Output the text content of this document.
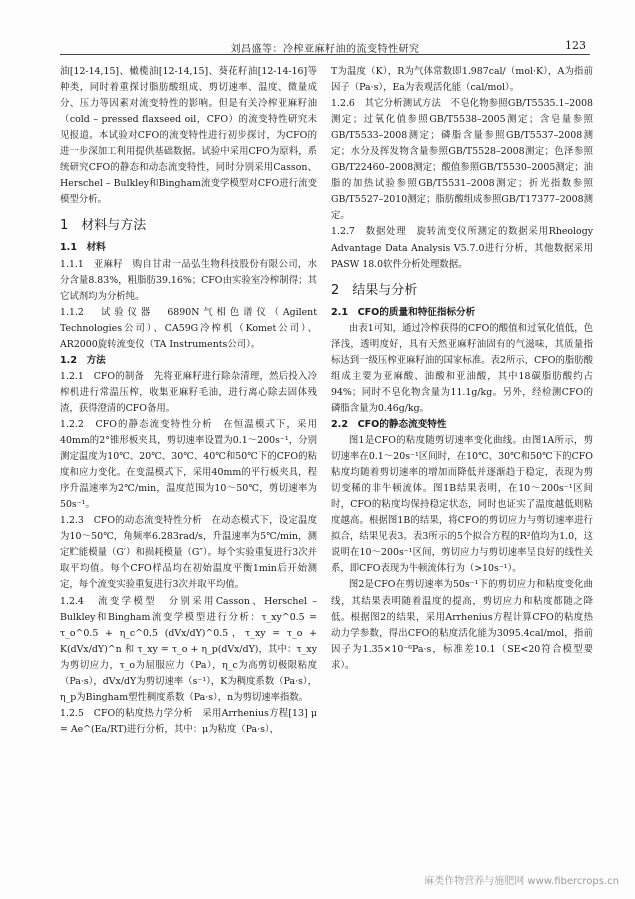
刘昌盛等：冷榨亚麻籽油的流变特性研究	123

油[12-14,15]、橄榄油[12-14,15]、葵花籽油[12-14-16]等种类，同时着重探讨脂肪酸组成、剪切速率、温度、微量成分、压力等因素对流变特性的影响。但是有关冷榨亚麻籽油（cold – pressed flaxseed oil，CFO）的流变特性研究未见报道。本试验对CFO的流变特性进行初步探讨，为CFO的进一步深加工利用提供基础数据。试验中采用CFO为原料，系统研究CFO的静态和动态流变特性，同时分别采用Casson、Herschel – Bulkley和Bingham流变学模型对CFO进行流变模型分析。

1　材料与方法
1.1　材料

1.1.1　亚麻籽　购自甘肃一品弘生物科技股份有限公司，水分含量8.83%，粗脂肪39.16%；CFO由实验室冷榨制得；其它试剂均为分析纯。

1.1.2　试验仪器　6890N气相色谱仪（Agilent Technologies公司）、CA59G冷榨机（Komet公司）、AR2000旋转流变仪（TA Instruments公司）。

1.2　方法

1.2.1　CFO的制备　先将亚麻籽进行除杂清理，然后投入冷榨机进行常温压榨，收集亚麻籽毛油，进行离心除去固体残渣，获得澄清的CFO备用。

1.2.2　CFO的静态流变特性分析　在恒温模式下，采用40mm的2°锥形板夹具，剪切速率设置为0.1～200s⁻¹，分别测定温度为10℃、20℃、30℃、40℃和50℃下的CFO的粘度和应力变化。在变温模式下，采用40mm的平行板夹具，程序升温速率为2℃/min，温度范围为10～50℃，剪切速率为50s⁻¹。

1.2.3　CFO的动态流变特性分析　在动态模式下，设定温度为10～50℃，角频率6.283rad/s，升温速率为5℃/min，测定贮能模量（G′）和损耗模量（G″）。每个实验重复进行3次并取平均值。每个CFO样品均在初始温度平衡1min后开始测定，每个流变实验重复进行3次并取平均值。

1.2.4　流变学模型　分别采用Casson、Herschel – Bulkley和Bingham流变学模型进行分析：τ_xy^0.5 = τ_o^0.5 + η_c^0.5 (dVx/dY)^0.5，τ_xy = τ_o + K(dVx/dY)^n 和 τ_xy = τ_o + η_p(dVx/dY)，其中：τ_xy为剪切应力，τ_o为屈服应力（Pa），η_c为高剪切极限粘度（Pa·s），dVx/dY为剪切速率（s⁻¹），K为稠度系数（Pa·s），η_p为Bingham塑性稠度系数（Pa·s），n为剪切速率指数。

1.2.5　CFO的粘度热力学分析　采用Arrhenius方程[13] μ = Ae^(Ea/RT)进行分析，其中：μ为粘度（Pa·s），

T为温度（K），R为气体常数即1.987cal/（mol·K），A为指前因子（Pa·s），Ea为表观活化能（cal/mol）。

1.2.6　其它分析测试方法　不皂化物参照GB/T5535.1–2008测定；过氧化值参照GB/T5538–2005测定；含皂量参照GB/T5533–2008测定；磷脂含量参照GB/T5537–2008测定；水分及挥发物含量参照GB/T5528–2008测定；色泽参照GB/T22460–2008测定；酸值参照GB/T5530–2005测定；油脂的加热试验参照GB/T5531–2008测定；折光指数参照GB/T5527–2010测定；脂肪酸组成参照GB/T17377–2008测定。

1.2.7　数据处理　旋转流变仪所测定的数据采用Rheology Advantage Data Analysis V5.7.0进行分析，其他数据采用PASW 18.0软件分析处理数据。

2　结果与分析
2.1　CFO的质量和特征指标分析

由表1可知，通过冷榨获得的CFO的酸值和过氧化值低，色泽浅，透明度好，具有天然亚麻籽油固有的气滋味，其质量指标达到一级压榨亚麻籽油的国家标准。表2所示，CFO的脂肪酸组成主要为亚麻酸、油酸和亚油酸，其中18碳脂肪酸约占94%；同时不皂化物含量为11.1g/kg。另外，经检测CFO的磷脂含量为0.46g/kg。

2.2　CFO的静态流变特性

图1是CFO的粘度随剪切速率变化曲线。由图1A所示，剪切速率在0.1～20s⁻¹区间时，在10℃、30℃和50℃下的CFO粘度均随着剪切速率的增加而降低并逐渐趋于稳定，表现为剪切变稀的非牛顿流体。图1B结果表明，在10～200s⁻¹区间时，CFO的粘度均保持稳定状态，同时也证实了温度越低则粘度越高。根据图1B的结果，将CFO的剪切应力与剪切速率进行拟合，结果见表3。表3所示的5个拟合方程的R²值均为1.0，这说明在10～200s⁻¹区间，剪切应力与剪切速率呈良好的线性关系，即CFO表现为牛顿流体行为（>10s⁻¹）。

图2是CFO在剪切速率为50s⁻¹下的剪切应力和粘度变化曲线，其结果表明随着温度的提高，剪切应力和粘度都随之降低。根据图2的结果，采用Arrhenius方程计算CFO的粘度热动力学参数，得出CFO的粘度活化能为3095.4cal/mol，指前因子为1.35×10⁻⁶Pa·s，标准差10.1（SE<20符合模型要求）。

麻类作物营养与施肥网 www.fibercrops.cn
